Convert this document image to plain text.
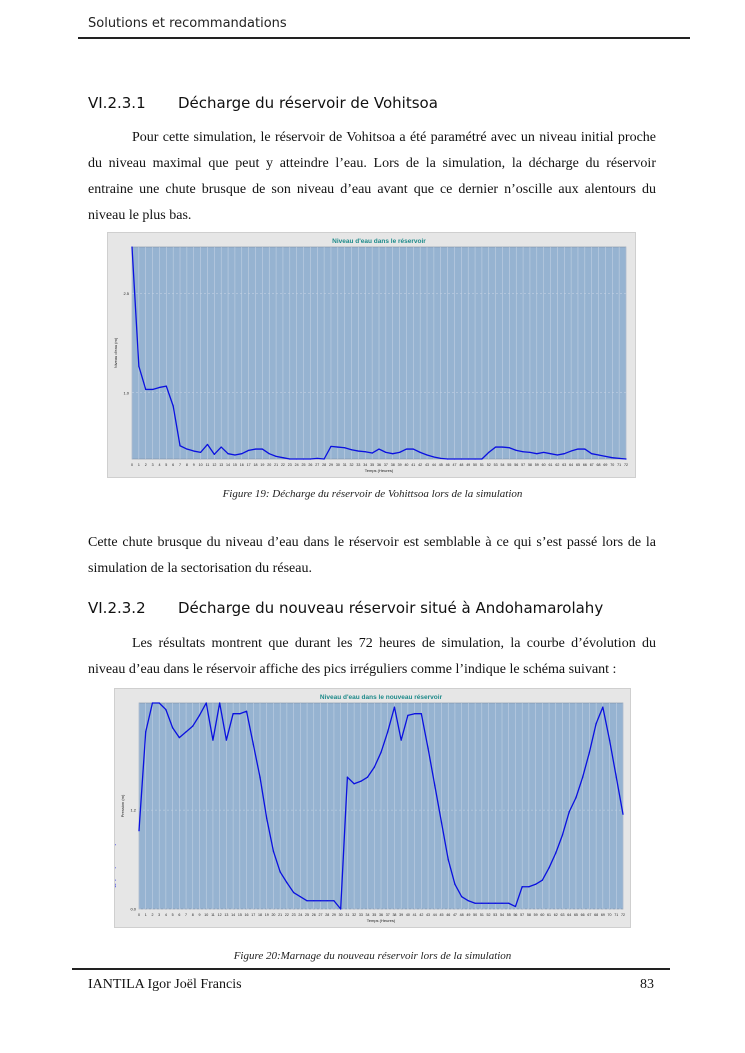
Solutions et recommandations
VI.2.3.1 Décharge du réservoir de Vohitsoa

Pour cette simulation, le réservoir de Vohitsoa a été paramétré avec un niveau initial proche du niveau maximal que peut y atteindre l’eau. Lors de la simulation, la décharge du réservoir entraine une chute brusque de son niveau d’eau avant que ce dernier n’oscille aux alentours du niveau le plus bas.

Niveau d'eau dans le réservoir
0 1 2 3 4 5 6 7 8 9 10 11 12 13 14 15 16 17 18 19 20 21 22 23 24 25 26 27 28 29 30 31 32 33 34 35 36 37 38 39 40 41 42 43 44 45 46 47 48 49 50 51 52 53 54 55 56 57 58 59 60 61 62 63 64 65 66 67 68 69 70 71 72
1.0
2.5
Temps (Heures)
Niveau d'eau (m)
Figure 19: Décharge du réservoir de Vohittsoa lors de la simulation

Cette chute brusque du niveau d’eau dans le réservoir est semblable à ce qui s’est passé lors de la simulation de la sectorisation du réseau.

VI.2.3.2 Décharge du nouveau réservoir situé à Andohamarolahy

Les résultats montrent que durant les 72 heures de simulation, la courbe d’évolution du niveau d’eau dans le réservoir affiche des pics irréguliers comme l’indique le schéma suivant :

Niveau d'eau dans le nouveau réservoir
0 1 2 3 4 5 6 7 8 9 10 11 12 13 14 15 16 17 18 19 20 21 22 23 24 25 26 27 28 29 30 31 32 33 34 35 36 37 38 39 40 41 42 43 44 45 46 47 48 49 50 51 52 53 54 55 56 57 58 59 60 61 62 63 64 65 66 67 68 69 70 71 72
0.0
1.2
Temps (Heures)
Pression (m)
Figure 20:Marnage du nouveau réservoir lors de la simulation
IANTILA Igor Joël Francis	83
